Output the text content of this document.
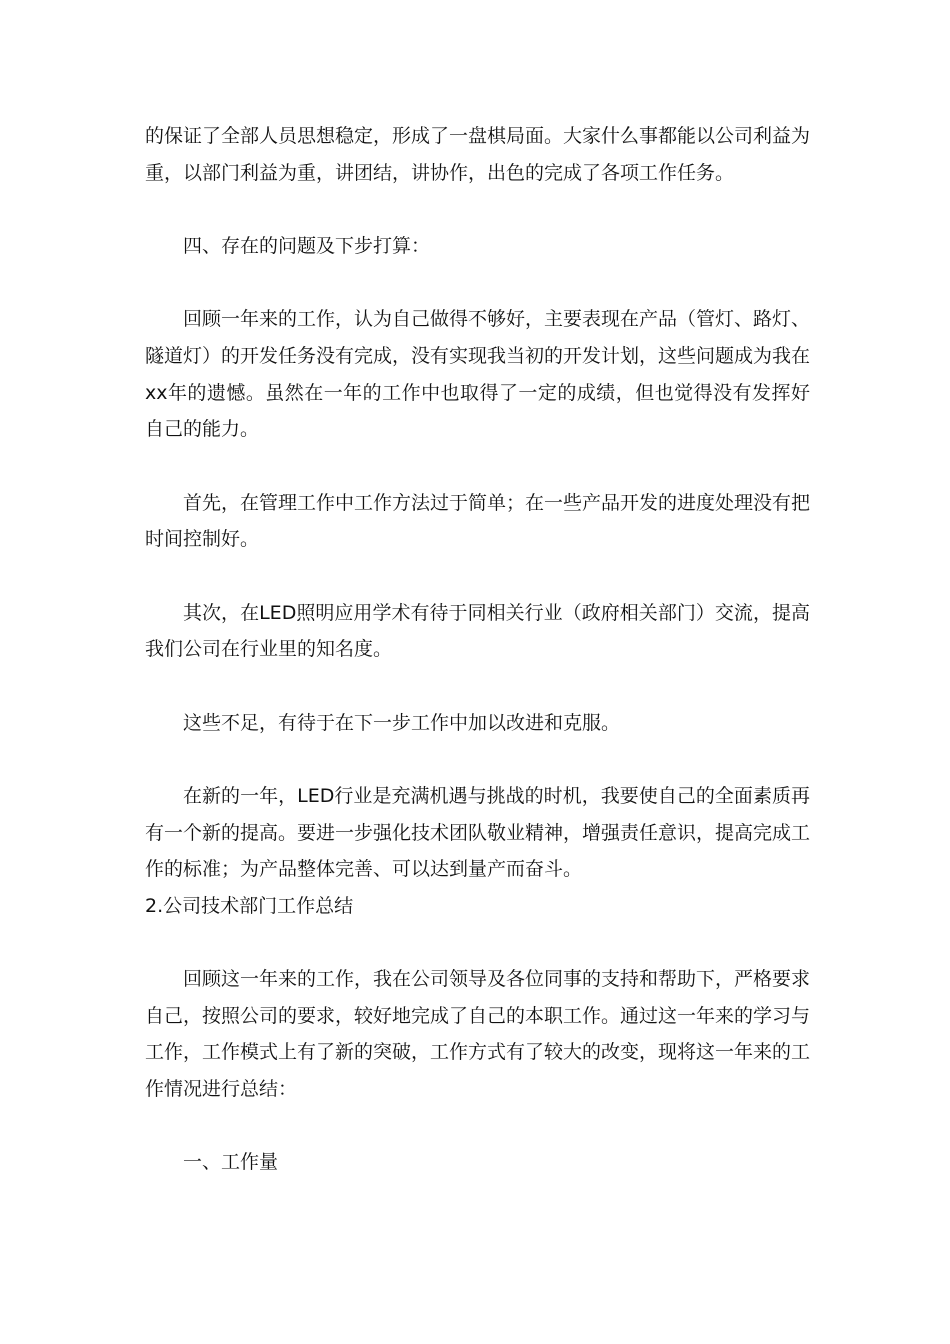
的保证了全部人员思想稳定，形成了一盘棋局面。大家什么事都能以公司利益为重，以部门利益为重，讲团结，讲协作，出色的完成了各项工作任务。

四、存在的问题及下步打算：

回顾一年来的工作，认为自己做得不够好，主要表现在产品（管灯、路灯、隧道灯）的开发任务没有完成，没有实现我当初的开发计划，这些问题成为我在xx年的遗憾。虽然在一年的工作中也取得了一定的成绩，但也觉得没有发挥好自己的能力。

首先，在管理工作中工作方法过于简单；在一些产品开发的进度处理没有把时间控制好。

其次，在LED照明应用学术有待于同相关行业（政府相关部门）交流，提高我们公司在行业里的知名度。

这些不足，有待于在下一步工作中加以改进和克服。

在新的一年，LED行业是充满机遇与挑战的时机，我要使自己的全面素质再有一个新的提高。要进一步强化技术团队敬业精神，增强责任意识，提高完成工作的标准；为产品整体完善、可以达到量产而奋斗。

2.公司技术部门工作总结

回顾这一年来的工作，我在公司领导及各位同事的支持和帮助下，严格要求自己，按照公司的要求，较好地完成了自己的本职工作。通过这一年来的学习与工作，工作模式上有了新的突破，工作方式有了较大的改变，现将这一年来的工作情况进行总结：

一、工作量
